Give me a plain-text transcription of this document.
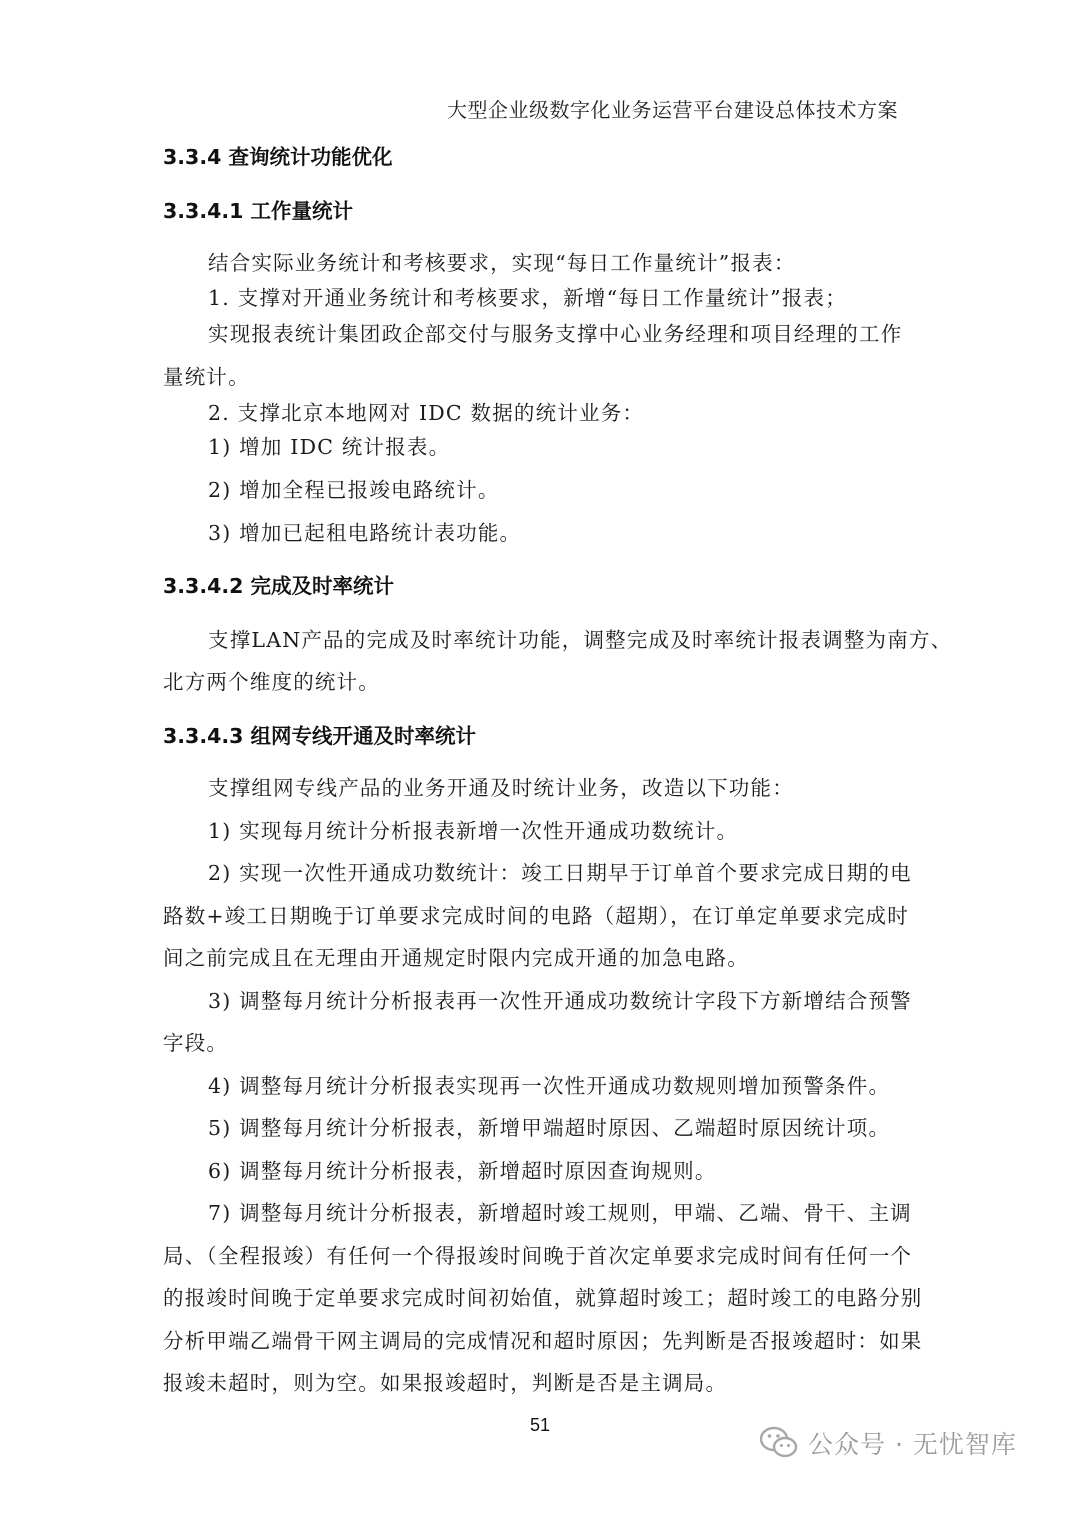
大型企业级数字化业务运营平台建设总体技术方案
3.3.4 查询统计功能优化
3.3.4.1 工作量统计
结合实际业务统计和考核要求，实现“每日工作量统计”报表：
1. 支撑对开通业务统计和考核要求，新增“每日工作量统计”报表；
实现报表统计集团政企部交付与服务支撑中心业务经理和项目经理的工作
量统计。
2. 支撑北京本地网对 IDC 数据的统计业务：
1) 增加 IDC 统计报表。
2) 增加全程已报竣电路统计。
3) 增加已起租电路统计表功能。
3.3.4.2 完成及时率统计
支撑LAN产品的完成及时率统计功能，调整完成及时率统计报表调整为南方、
北方两个维度的统计。
3.3.4.3 组网专线开通及时率统计
支撑组网专线产品的业务开通及时统计业务，改造以下功能：
1) 实现每月统计分析报表新增一次性开通成功数统计。
2) 实现一次性开通成功数统计：竣工日期早于订单首个要求完成日期的电
路数+竣工日期晚于订单要求完成时间的电路（超期），在订单定单要求完成时
间之前完成且在无理由开通规定时限内完成开通的加急电路。
3) 调整每月统计分析报表再一次性开通成功数统计字段下方新增结合预警
字段。
4) 调整每月统计分析报表实现再一次性开通成功数规则增加预警条件。
5) 调整每月统计分析报表，新增甲端超时原因、乙端超时原因统计项。
6) 调整每月统计分析报表，新增超时原因查询规则。
7) 调整每月统计分析报表，新增超时竣工规则，甲端、乙端、骨干、主调
局、（全程报竣）有任何一个得报竣时间晚于首次定单要求完成时间有任何一个
的报竣时间晚于定单要求完成时间初始值，就算超时竣工；超时竣工的电路分别
分析甲端乙端骨干网主调局的完成情况和超时原因；先判断是否报竣超时：如果
报竣未超时，则为空。如果报竣超时，判断是否是主调局。
51
公众号 · 无忧智库
